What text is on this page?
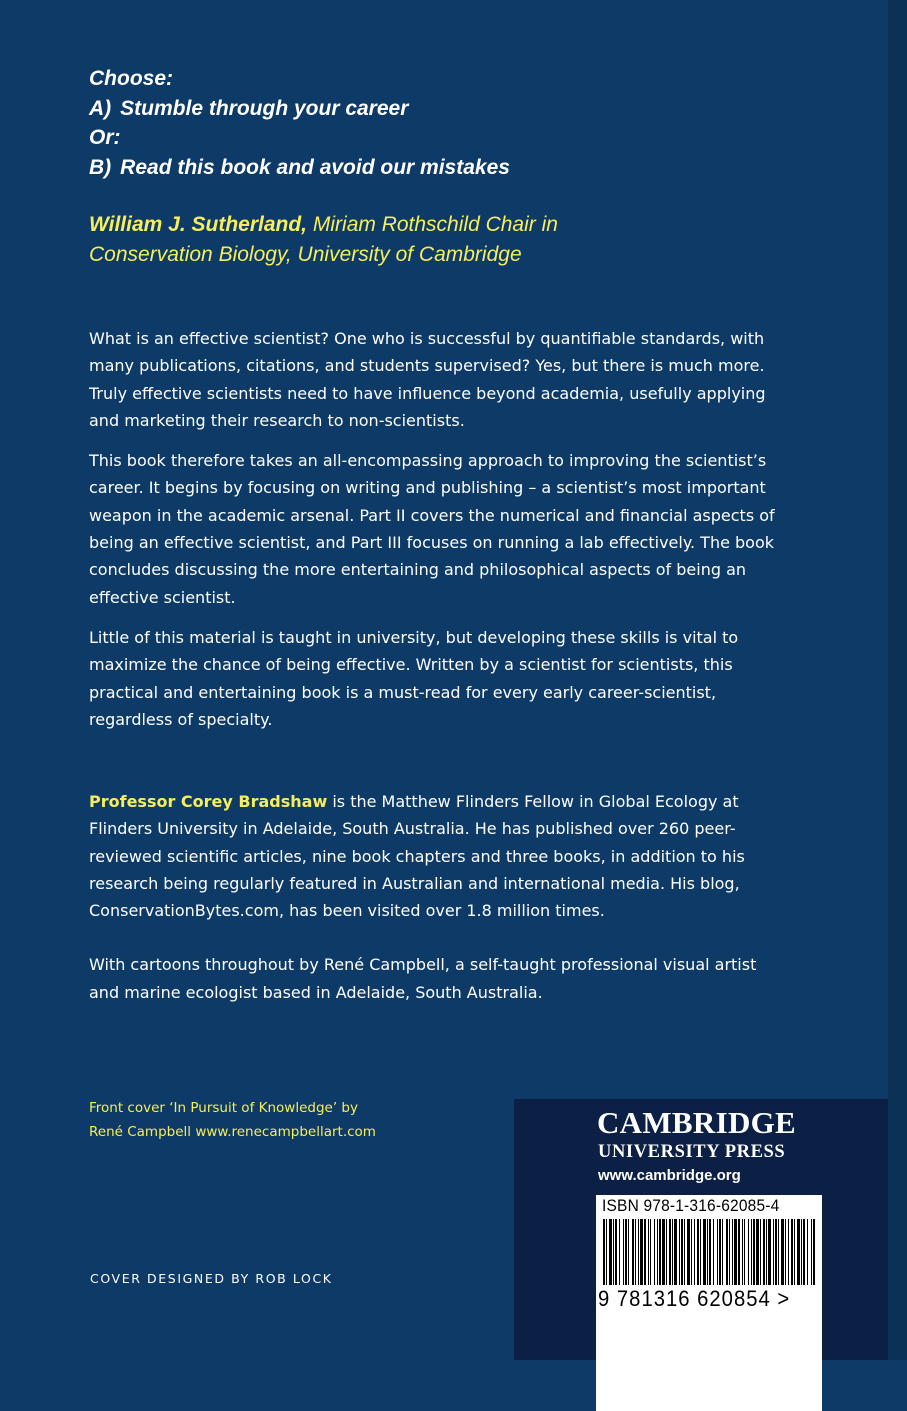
Choose:
A) Stumble through your career
Or:
B) Read this book and avoid our mistakes
William J. Sutherland, Miriam Rothschild Chair in
Conservation Biology, University of Cambridge

What is an effective scientist? One who is successful by quantifiable standards, with
many publications, citations, and students supervised? Yes, but there is much more.
Truly effective scientists need to have influence beyond academia, usefully applying
and marketing their research to non-scientists.

This book therefore takes an all-encompassing approach to improving the scientist’s
career. It begins by focusing on writing and publishing – a scientist’s most important
weapon in the academic arsenal. Part II covers the numerical and financial aspects of
being an effective scientist, and Part III focuses on running a lab effectively. The book
concludes discussing the more entertaining and philosophical aspects of being an
effective scientist.

Little of this material is taught in university, but developing these skills is vital to
maximize the chance of being effective. Written by a scientist for scientists, this
practical and entertaining book is a must-read for every early career-scientist,
regardless of specialty.

Professor Corey Bradshaw is the Matthew Flinders Fellow in Global Ecology at
Flinders University in Adelaide, South Australia. He has published over 260 peer-
reviewed scientific articles, nine book chapters and three books, in addition to his
research being regularly featured in Australian and international media. His blog,
ConservationBytes.com, has been visited over 1.8 million times.

With cartoons throughout by René Campbell, a self-taught professional visual artist
and marine ecologist based in Adelaide, South Australia.

Front cover ‘In Pursuit of Knowledge’ by
René Campbell www.renecampbellart.com
COVER DESIGNED BY ROB LOCK
CAMBRIDGE
UNIVERSITY PRESS
www.cambridge.org
ISBN 978-1-316-62085-4
9 781316 620854 >
